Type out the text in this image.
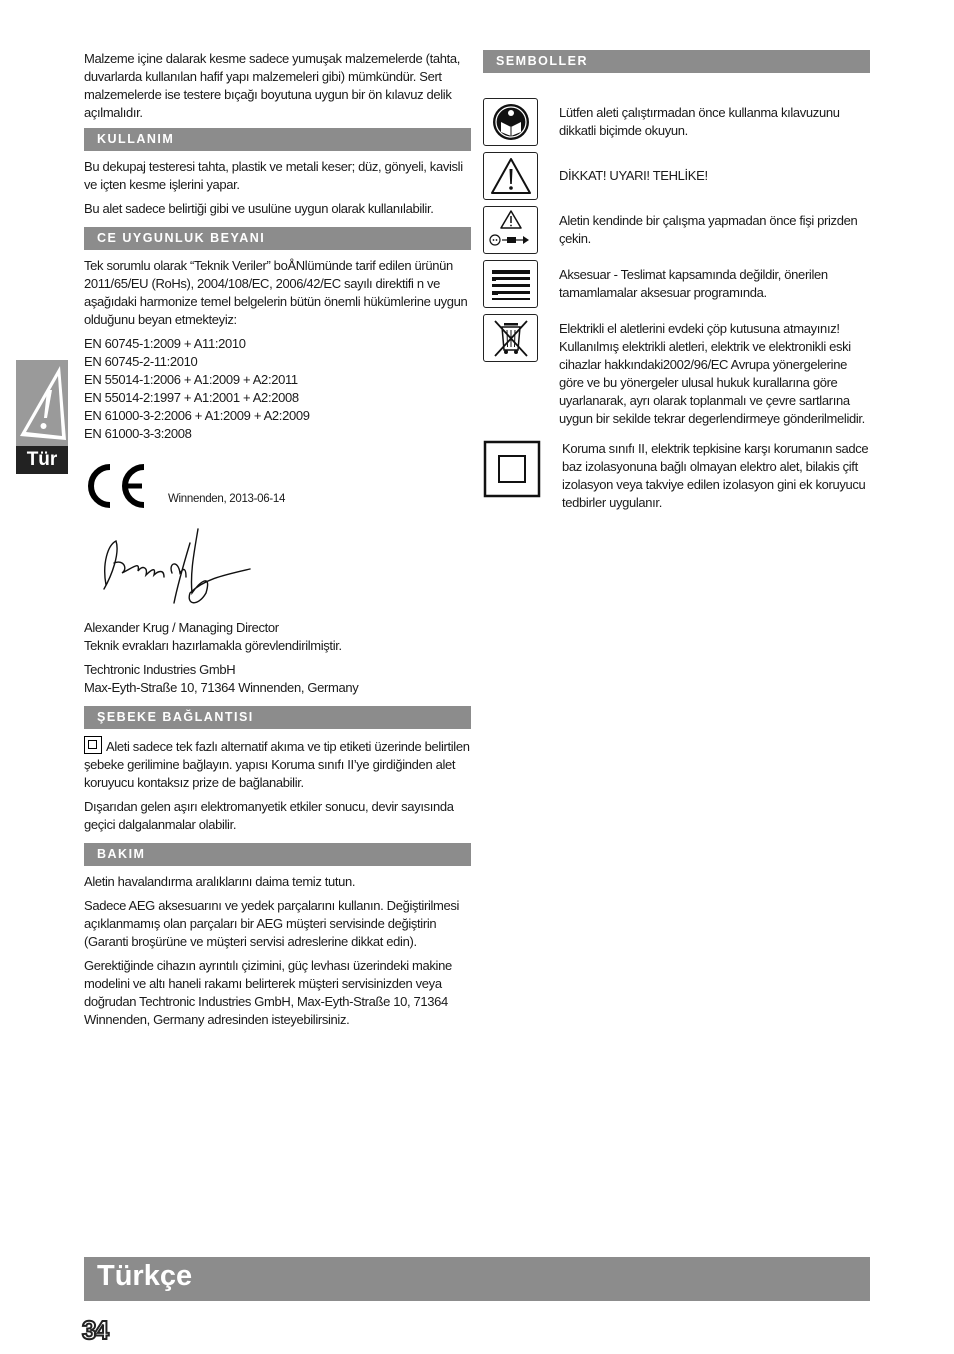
Tür

Malzeme içine dalarak kesme sadece yumuşak malzemelerde (tahta, duvarlarda kullanılan hafif yapı malzemeleri gibi) mümkündür. Sert malzemelerde ise testere bıçağı boyutuna uygun bir ön kılavuz delik açılmalıdır.

KULLANIM

Bu dekupaj testeresi tahta, plastik ve metali keser; düz, gönyeli, kavisli ve içten kesme işlerini yapar.

Bu alet sadece belirtiği gibi ve usulüne uygun olarak kullanılabilir.

CE UYGUNLUK BEYANI

Tek sorumlu olarak “Teknik Veriler” boÅNlümünde tarif edilen ürünün 2011/65/EU (RoHs), 2004/108/EC, 2006/42/EC sayılı direktifi n ve aşağıdaki harmonize temel belgelerin bütün önemli hükümlerine uygun olduğunu beyan etmekteyiz:

EN 60745-1:2009 + A11:2010

EN 60745-2-11:2010

EN 55014-1:2006 + A1:2009 + A2:2011

EN 55014-2:1997 + A1:2001 + A2:2008

EN 61000-3-2:2006 + A1:2009 + A2:2009

EN 61000-3-3:2008

Winnenden, 2013-06-14

Alexander Krug / Managing Director

Teknik evrakları hazırlamakla görevlendirilmiştir.

Techtronic Industries GmbH

Max-Eyth-Straße 10, 71364 Winnenden, Germany

ŞEBEKE BAĞLANTISI

Aleti sadece tek fazlı alternatif akıma ve tip etiketi üzerinde belirtilen şebeke gerilimine bağlayın. yapısı Koruma sınıfı II’ye girdiğinden alet koruyucu kontaksız prize de bağlanabilir.

Dışarıdan gelen aşırı elektromanyetik etkiler sonucu, devir sayısında geçici dalgalanmalar olabilir.

BAKIM

Aletin havalandırma aralıklarını daima temiz tutun.

Sadece AEG aksesuarını ve yedek parçalarını kullanın. Değiştirilmesi açıklanmamış olan parçaları bir AEG müşteri servisinde değiştirin (Garanti broşürüne ve müşteri servisi adreslerine dikkat edin).

Gerektiğinde cihazın ayrıntılı çizimini, güç levhası üzerindeki makine modelini ve altı haneli rakamı belirterek müşteri servisinizden veya doğrudan Techtronic Industries GmbH, Max-Eyth-Straße 10, 71364 Winnenden, Germany adresinden isteyebilirsiniz.

SEMBOLLER

Lütfen aleti çalıştırmadan önce kullanma kılavuzunu dikkatli biçimde okuyun.

DİKKAT! UYARI! TEHLİKE!

Aletin kendinde bir çalışma yapmadan önce fişi prizden çekin.

Aksesuar - Teslimat kapsamında değildir, önerilen tamamlamalar aksesuar programında.

Elektrikli el aletlerini evdeki çöp kutusuna atmayınız! Kullanılmış elektrikli aletleri, elektrik ve elektronikli eski cihazlar hakkındaki2002/96/EC Avrupa yönergelerine göre ve bu yönergeler ulusal hukuk kurallarına göre uyarlanarak, ayrı olarak toplanmalı ve çevre sartlarına uygun bir sekilde tekrar degerlendirmeye gönderilmelidir.

Koruma sınıfı II, elektrik tepkisine karşı korumanın sadce baz izolasyonuna bağlı olmayan elektro alet, bilakis çift izolasyon veya takviye edilen izolasyon gini ek koruyucu tedbirler uygulanır.

Türkçe
34
